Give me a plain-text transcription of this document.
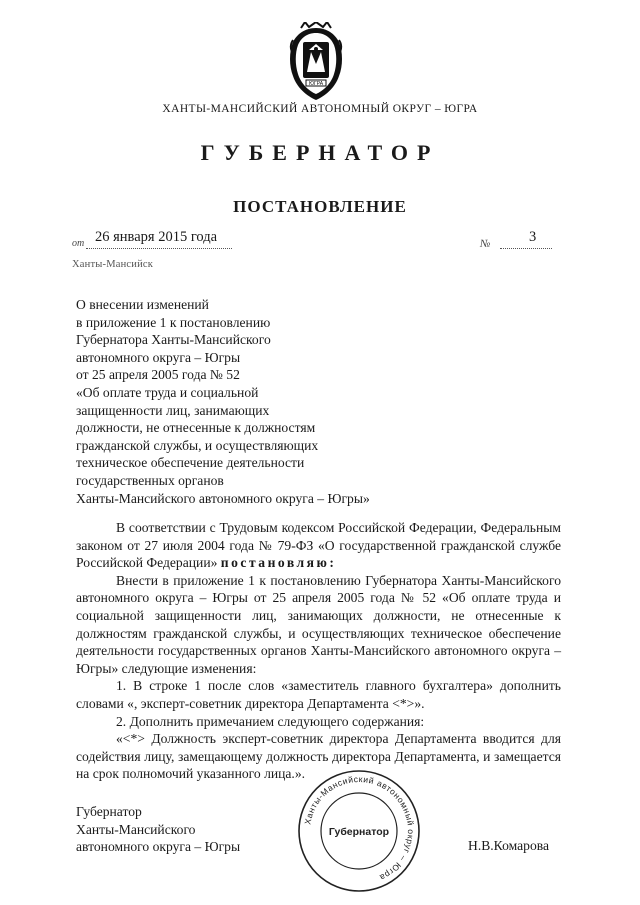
ЮГРА
ХАНТЫ-МАНСИЙСКИЙ АВТОНОМНЫЙ ОКРУГ – ЮГРА
ГУБЕРНАТОР
ПОСТАНОВЛЕНИЕ
от 26 января 2015 года	№	3
Ханты-Мансийск
О внесении изменений
в приложение 1 к постановлению
Губернатора Ханты-Мансийского
автономного округа – Югры
от 25 апреля 2005 года № 52
«Об оплате труда и социальной
защищенности лиц, занимающих
должности, не отнесенные к должностям
гражданской службы, и осуществляющих
техническое обеспечение деятельности
государственных органов
Ханты-Мансийского автономного округа – Югры»

В соответствии с Трудовым кодексом Российской Федерации, Федеральным законом от 27 июля 2004 года № 79-ФЗ «О государственной гражданской службе Российской Федерации» постановляю:

Внести в приложение 1 к постановлению Губернатора Ханты-Мансийского автономного округа – Югры от 25 апреля 2005 года № 52 «Об оплате труда и социальной защищенности лиц, занимающих должности, не отнесенные к должностям гражданской службы, и осуществляющих техническое обеспечение деятельности государственных органов Ханты-Мансийского автономного округа – Югры» следующие изменения:

1. В строке 1 после слов «заместитель главного бухгалтера» дополнить словами «, эксперт-советник директора Департамента <*>».

2. Дополнить примечанием следующего содержания:

«<*> Должность эксперт-советник директора Департамента вводится для содействия лицу, замещающему должность директора Департамента, и замещается на срок полномочий указанного лица.».

Губернатор
Ханты-Мансийского
автономного округа – Югры	Н.В.Комарова
Ханты-Мансийский автономный округ – Югра
Губернатор
